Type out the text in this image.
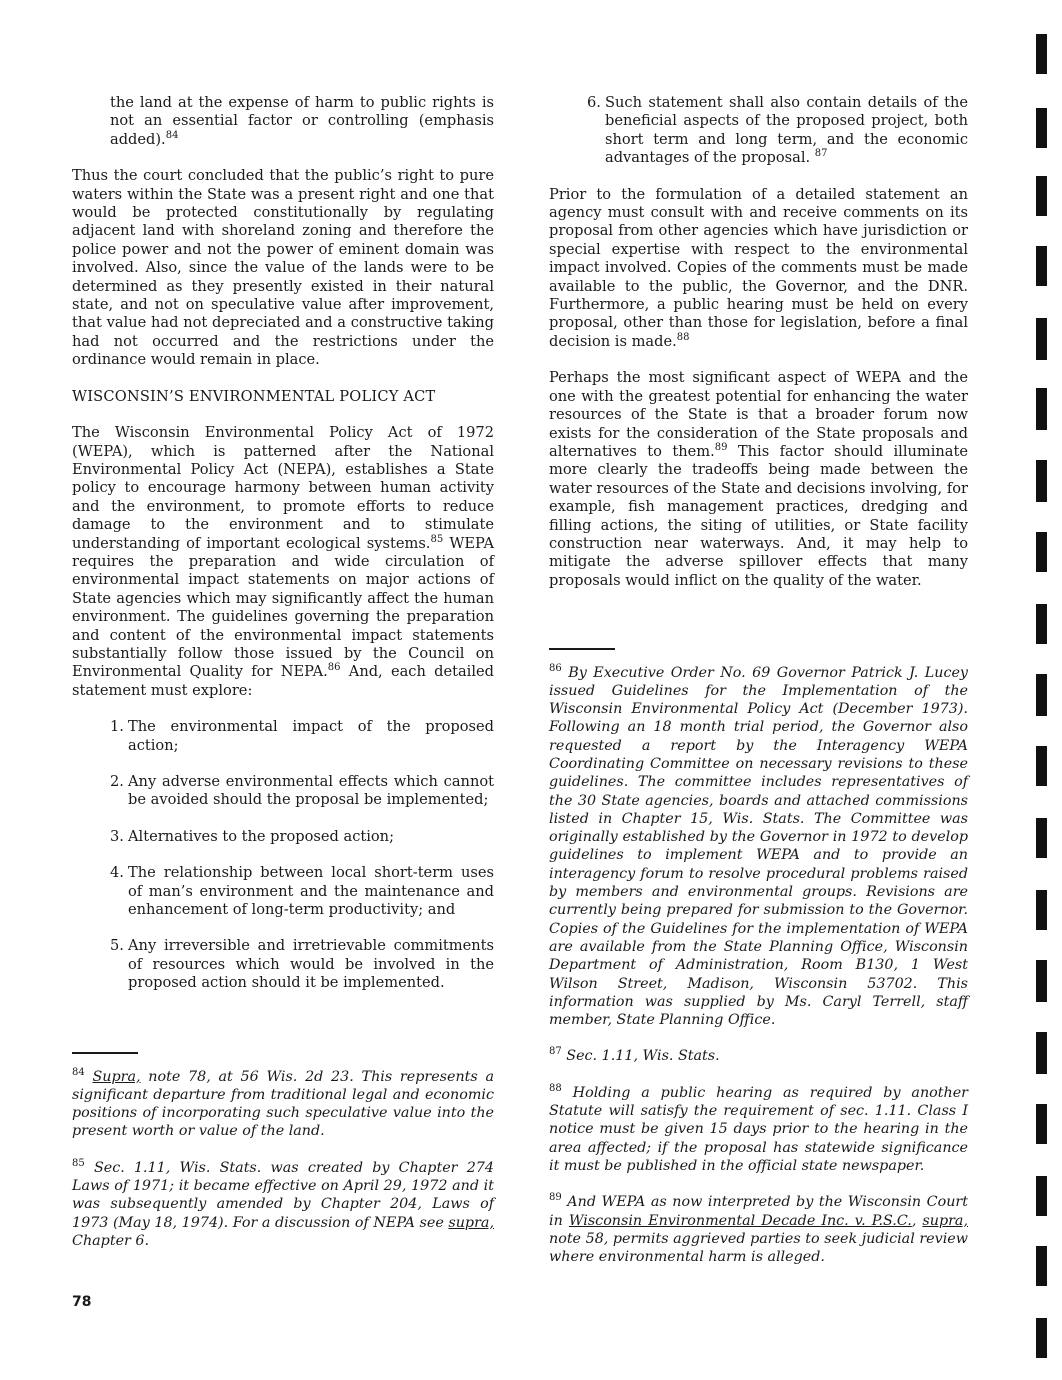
the land at the expense of harm to public rights is not an essential factor or controlling (emphasis added).$^{84}$

Thus the court concluded that the public’s right to pure waters within the State was a present right and one that would be protected constitutionally by regulating adjacent land with shoreland zoning and therefore the police power and not the power of eminent domain was involved. Also, since the value of the lands were to be determined as they presently existed in their natural state, and not on speculative value after improvement, that value had not depreciated and a constructive taking had not occurred and the restrictions under the ordinance would remain in place.

WISCONSIN’S ENVIRONMENTAL POLICY ACT

The Wisconsin Environmental Policy Act of 1972 (WEPA), which is patterned after the National Environmental Policy Act (NEPA), establishes a State policy to encourage harmony between human activity and the environment, to promote efforts to reduce damage to the environment and to stimulate understanding of important ecological systems.$^{85}$ WEPA requires the preparation and wide circulation of environmental impact statements on major actions of State agencies which may significantly affect the human environment. The guidelines governing the preparation and content of the environmental impact statements substantially follow those issued by the Council on Environmental Quality for NEPA.$^{86}$ And, each detailed statement must explore:

1. The environmental impact of the proposed action;
2. Any adverse environmental effects which cannot be avoided should the proposal be implemented;
3. Alternatives to the proposed action;
4. The relationship between local short-term uses of man’s environment and the maintenance and enhancement of long-term productivity; and
5. Any irreversible and irretrievable commitments of resources which would be involved in the proposed action should it be implemented.

$^{84}$ Supra, note 78, at 56 Wis. 2d 23. This represents a significant departure from traditional legal and economic positions of incorporating such speculative value into the present worth or value of the land.

$^{85}$ Sec. 1.11, Wis. Stats. was created by Chapter 274 Laws of 1971; it became effective on April 29, 1972 and it was subsequently amended by Chapter 204, Laws of 1973 (May 18, 1974). For a discussion of NEPA see supra, Chapter 6.

6. Such statement shall also contain details of the beneficial aspects of the proposed project, both short term and long term, and the economic advantages of the proposal. $^{87}$

Prior to the formulation of a detailed statement an agency must consult with and receive comments on its proposal from other agencies which have jurisdiction or special expertise with respect to the environmental impact involved. Copies of the comments must be made available to the public, the Governor, and the DNR. Furthermore, a public hearing must be held on every proposal, other than those for legislation, before a final decision is made.$^{88}$

Perhaps the most significant aspect of WEPA and the one with the greatest potential for enhancing the water resources of the State is that a broader forum now exists for the consideration of the State proposals and alternatives to them.$^{89}$ This factor should illuminate more clearly the tradeoffs being made between the water resources of the State and decisions involving, for example, fish management practices, dredging and filling actions, the siting of utilities, or State facility construction near waterways. And, it may help to mitigate the adverse spillover effects that many proposals would inflict on the quality of the water.

$^{86}$ By Executive Order No. 69 Governor Patrick J. Lucey issued Guidelines for the Implementation of the Wisconsin Environmental Policy Act (December 1973). Following an 18 month trial period, the Governor also requested a report by the Interagency WEPA Coordinating Committee on necessary revisions to these guidelines. The committee includes representatives of the 30 State agencies, boards and attached commissions listed in Chapter 15, Wis. Stats. The Committee was originally established by the Governor in 1972 to develop guidelines to implement WEPA and to provide an interagency forum to resolve procedural problems raised by members and environmental groups. Revisions are currently being prepared for submission to the Governor. Copies of the Guidelines for the implementation of WEPA are available from the State Planning Office, Wisconsin Department of Administration, Room B130, 1 West Wilson Street, Madison, Wisconsin 53702. This information was supplied by Ms. Caryl Terrell, staff member, State Planning Office.

$^{87}$ Sec. 1.11, Wis. Stats.

$^{88}$ Holding a public hearing as required by another Statute will satisfy the requirement of sec. 1.11. Class I notice must be given 15 days prior to the hearing in the area affected; if the proposal has statewide significance it must be published in the official state newspaper.

$^{89}$ And WEPA as now interpreted by the Wisconsin Court in Wisconsin Environmental Decade Inc. v. P.S.C., supra, note 58, permits aggrieved parties to seek judicial review where environmental harm is alleged.

78
